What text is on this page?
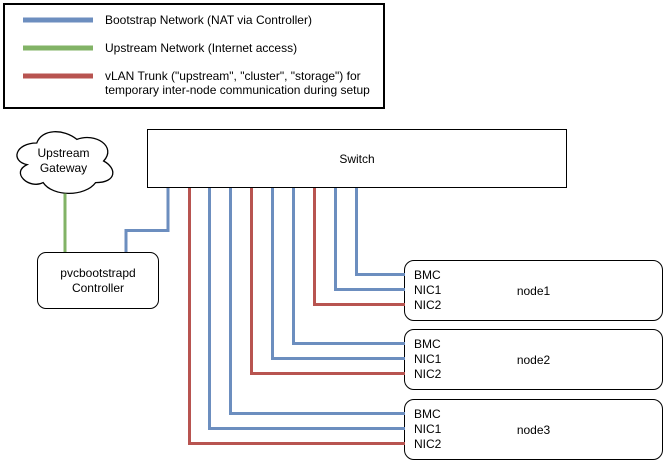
Bootstrap Network (NAT via Controller)
Upstream Network (Internet access)
vLAN Trunk ("upstream", "cluster", "storage") for
temporary inter-node communication during setup
Upstream
Gateway
Switch
pvcbootstrapd
Controller
BMC
NIC1
NIC2
node1
BMC
NIC1
NIC2
node2
BMC
NIC1
NIC2
node3
